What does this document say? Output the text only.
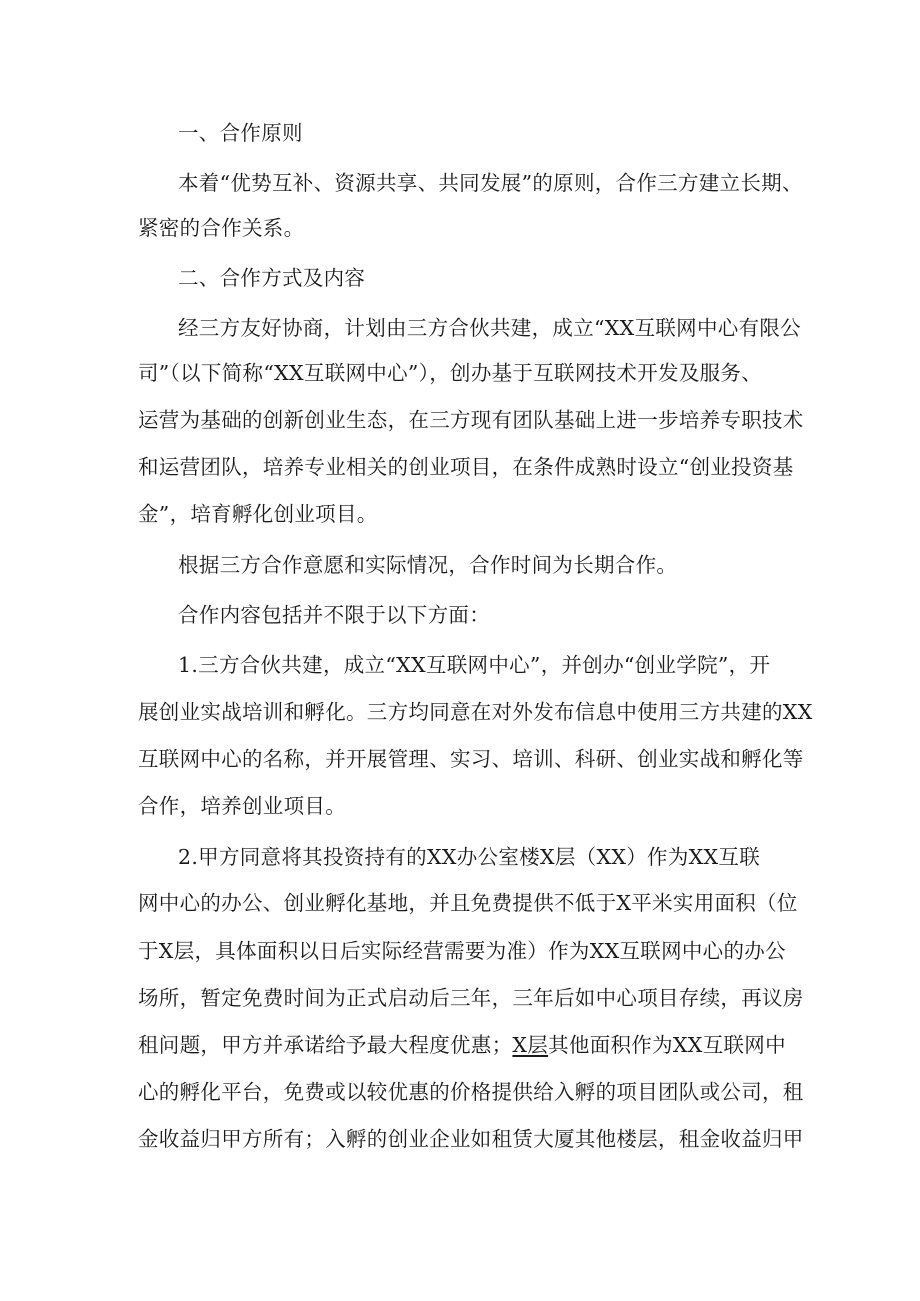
一、合作原则
本着“优势互补、资源共享、共同发展”的原则，合作三方建立长期、
紧密的合作关系。
二、合作方式及内容
经三方友好协商，计划由三方合伙共建，成立“XX互联网中心有限公
司”（以下简称“XX互联网中心”），创办基于互联网技术开发及服务、
运营为基础的创新创业生态，在三方现有团队基础上进一步培养专职技术
和运营团队，培养专业相关的创业项目，在条件成熟时设立“创业投资基
金”，培育孵化创业项目。
根据三方合作意愿和实际情况，合作时间为长期合作。
合作内容包括并不限于以下方面：
1.三方合伙共建，成立“XX互联网中心”，并创办“创业学院”，开
展创业实战培训和孵化。三方均同意在对外发布信息中使用三方共建的XX
互联网中心的名称，并开展管理、实习、培训、科研、创业实战和孵化等
合作，培养创业项目。
2.甲方同意将其投资持有的XX办公室楼X层（XX）作为XX互联
网中心的办公、创业孵化基地，并且免费提供不低于X平米实用面积（位
于X层，具体面积以日后实际经营需要为准）作为XX互联网中心的办公
场所，暂定免费时间为正式启动后三年，三年后如中心项目存续，再议房
租问题，甲方并承诺给予最大程度优惠；X层其他面积作为XX互联网中
心的孵化平台，免费或以较优惠的价格提供给入孵的项目团队或公司，租
金收益归甲方所有；入孵的创业企业如租赁大厦其他楼层，租金收益归甲
